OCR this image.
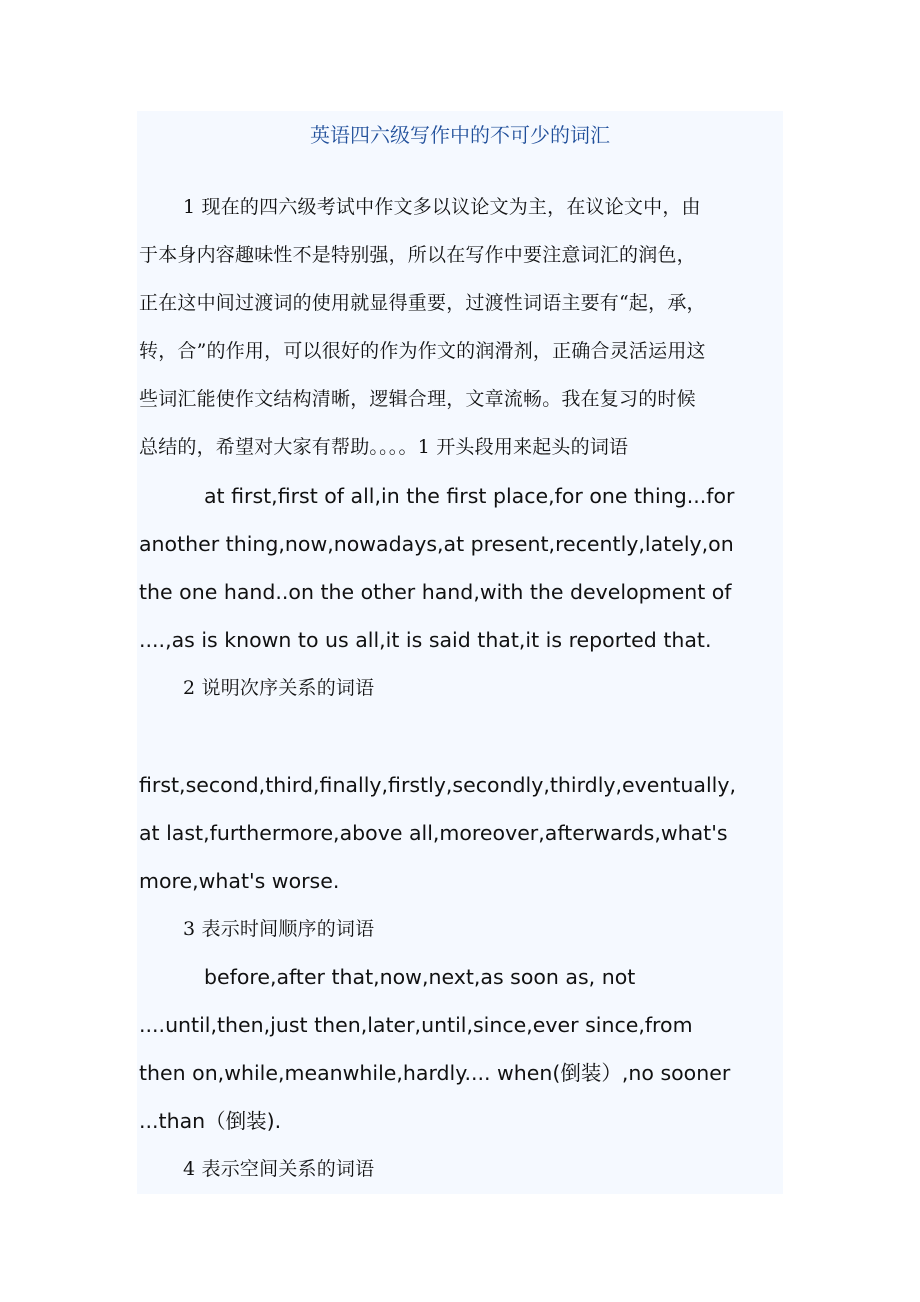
英语四六级写作中的不可少的词汇
1 现在的四六级考试中作文多以议论文为主，在议论文中，由
于本身内容趣味性不是特别强，所以在写作中要注意词汇的润色，
正在这中间过渡词的使用就显得重要，过渡性词语主要有“起，承，
转，合”的作用，可以很好的作为作文的润滑剂，正确合灵活运用这
些词汇能使作文结构清晰，逻辑合理，文章流畅。我在复习的时候
总结的，希望对大家有帮助。。。。1 开头段用来起头的词语
at first,first of all,in the first place,for one thing...for
another thing,now,nowadays,at present,recently,lately,on
the one hand..on the other hand,with the development of
....,as is known to us all,it is said that,it is reported that.
2 说明次序关系的词语
first,second,third,finally,firstly,secondly,thirdly,eventually,
at last,furthermore,above all,moreover,afterwards,what's
more,what's worse.
3 表示时间顺序的词语
before,after that,now,next,as soon as, not
....until,then,just then,later,until,since,ever since,from
then on,while,meanwhile,hardly.... when(倒装）,no sooner
...than（倒装).
4 表示空间关系的词语
